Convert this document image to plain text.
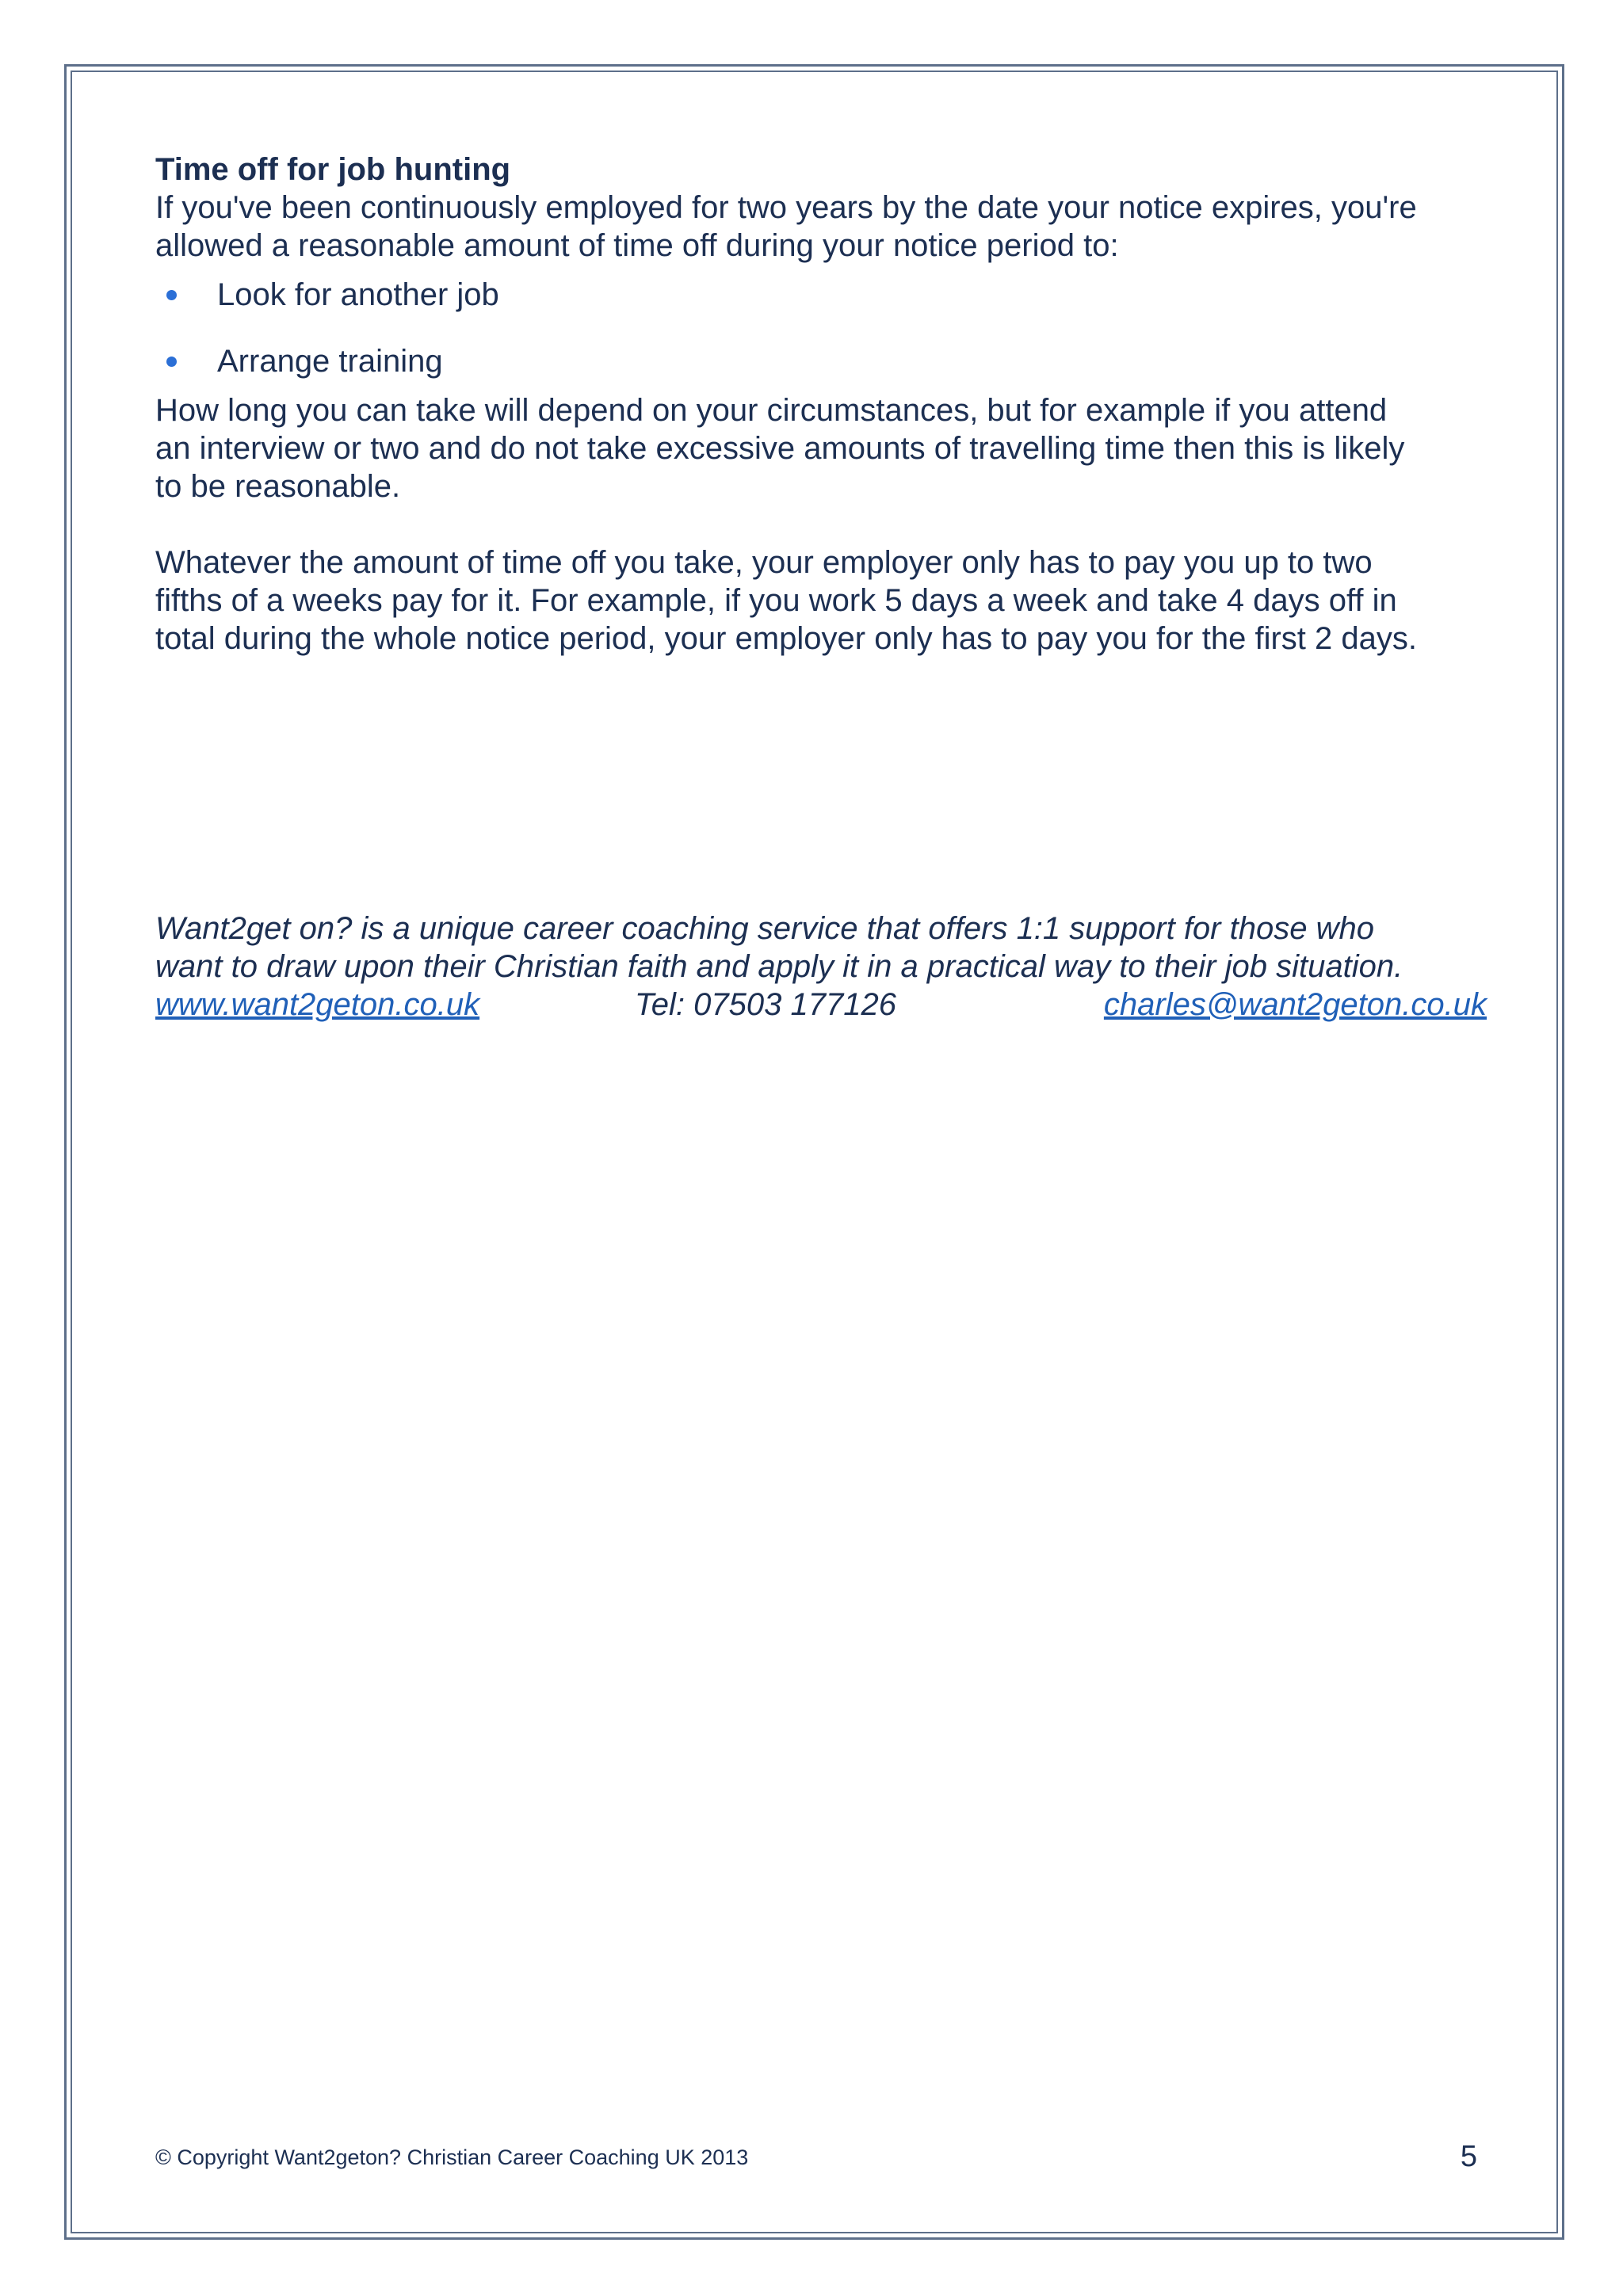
Time off for job hunting

If you've been continuously employed for two years by the date your notice expires, you're
allowed a reasonable amount of time off during your notice period to:

Look for another job
Arrange training

How long you can take will depend on your circumstances, but for example if you attend
an interview or two and do not take excessive amounts of travelling time then this is likely
to be reasonable.

Whatever the amount of time off you take, your employer only has to pay you up to two
fifths of a weeks pay for it. For example, if you work 5 days a week and take 4 days off in
total during the whole notice period, your employer only has to pay you for the first 2 days.

Want2get on? is a unique career coaching service that offers 1:1 support for those who
want to draw upon their Christian faith and apply it in a practical way to their job situation.
www.want2geton.co.uk	Tel: 07503 177126	charles@want2geton.co.uk
© Copyright Want2geton? Christian Career Coaching UK 2013	5
